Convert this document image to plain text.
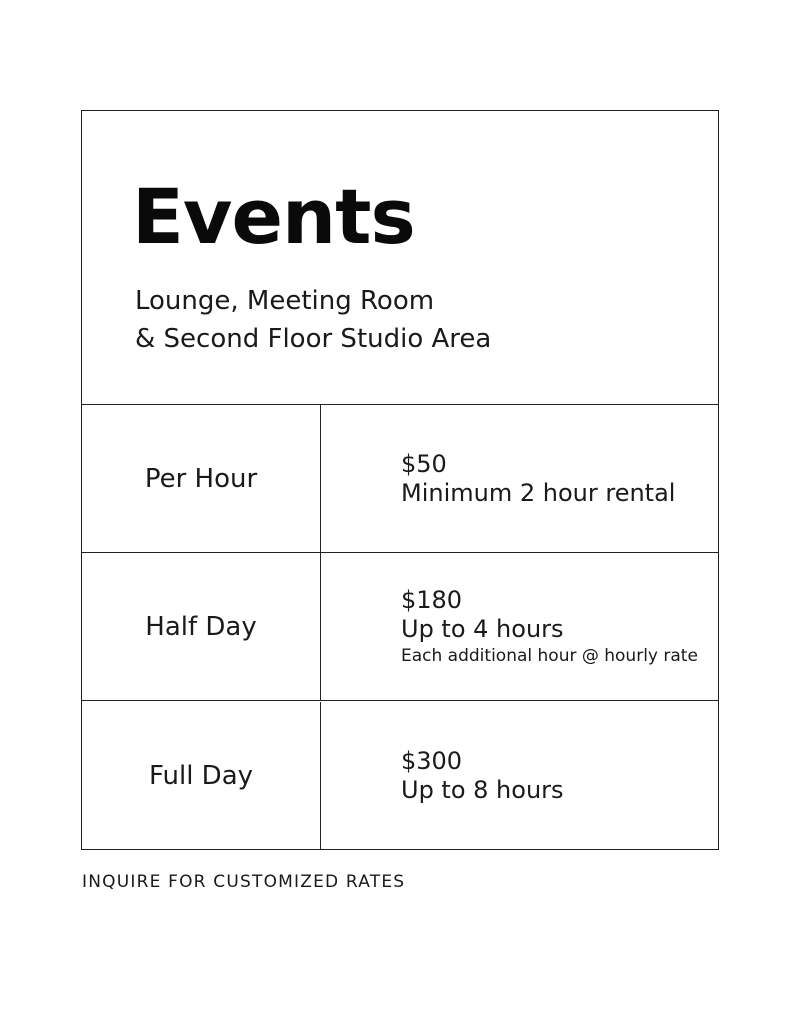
Events

Lounge, Meeting Room
& Second Floor Studio Area

Per Hour	$50
Minimum 2 hour rental
Half Day
$180
Up to 4 hours
Each additional hour @ hourly rate
Full Day	$300
Up to 8 hours
INQUIRE FOR CUSTOMIZED RATES
